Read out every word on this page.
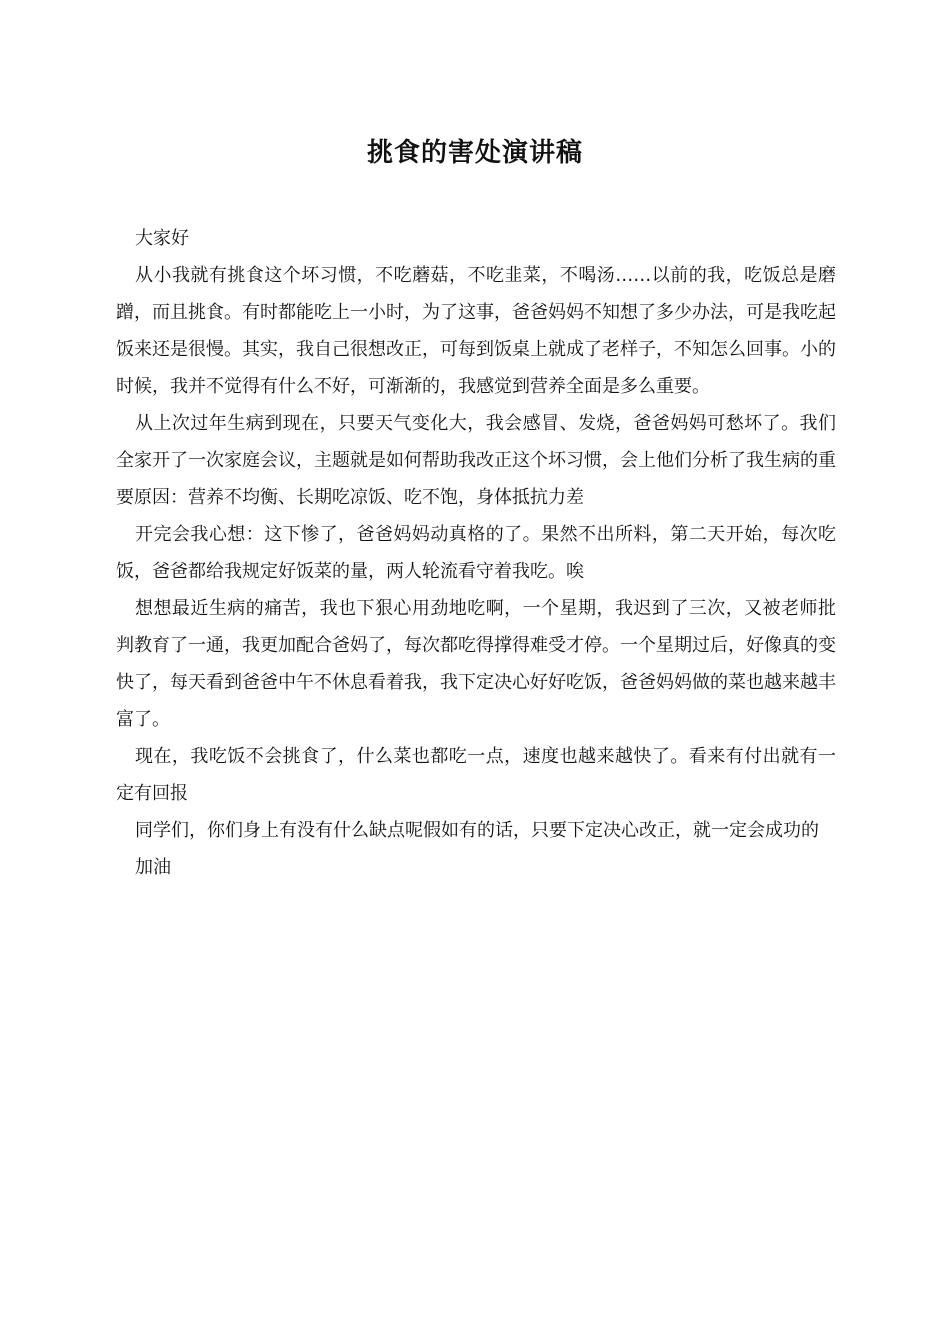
挑食的害处演讲稿

大家好

从小我就有挑食这个坏习惯，不吃蘑菇，不吃韭菜，不喝汤……以前的我，吃饭总是磨蹭，而且挑食。有时都能吃上一小时，为了这事，爸爸妈妈不知想了多少办法，可是我吃起饭来还是很慢。其实，我自己很想改正，可每到饭桌上就成了老样子，不知怎么回事。小的时候，我并不觉得有什么不好，可渐渐的，我感觉到营养全面是多么重要。

从上次过年生病到现在，只要天气变化大，我会感冒、发烧，爸爸妈妈可愁坏了。我们全家开了一次家庭会议，主题就是如何帮助我改正这个坏习惯，会上他们分析了我生病的重要原因：营养不均衡、长期吃凉饭、吃不饱，身体抵抗力差

开完会我心想：这下惨了，爸爸妈妈动真格的了。果然不出所料，第二天开始，每次吃饭，爸爸都给我规定好饭菜的量，两人轮流看守着我吃。唉

想想最近生病的痛苦，我也下狠心用劲地吃啊，一个星期，我迟到了三次，又被老师批判教育了一通，我更加配合爸妈了，每次都吃得撑得难受才停。一个星期过后，好像真的变快了，每天看到爸爸中午不休息看着我，我下定决心好好吃饭，爸爸妈妈做的菜也越来越丰富了。

现在，我吃饭不会挑食了，什么菜也都吃一点，速度也越来越快了。看来有付出就有一定有回报

同学们，你们身上有没有什么缺点呢假如有的话，只要下定决心改正，就一定会成功的

加油
